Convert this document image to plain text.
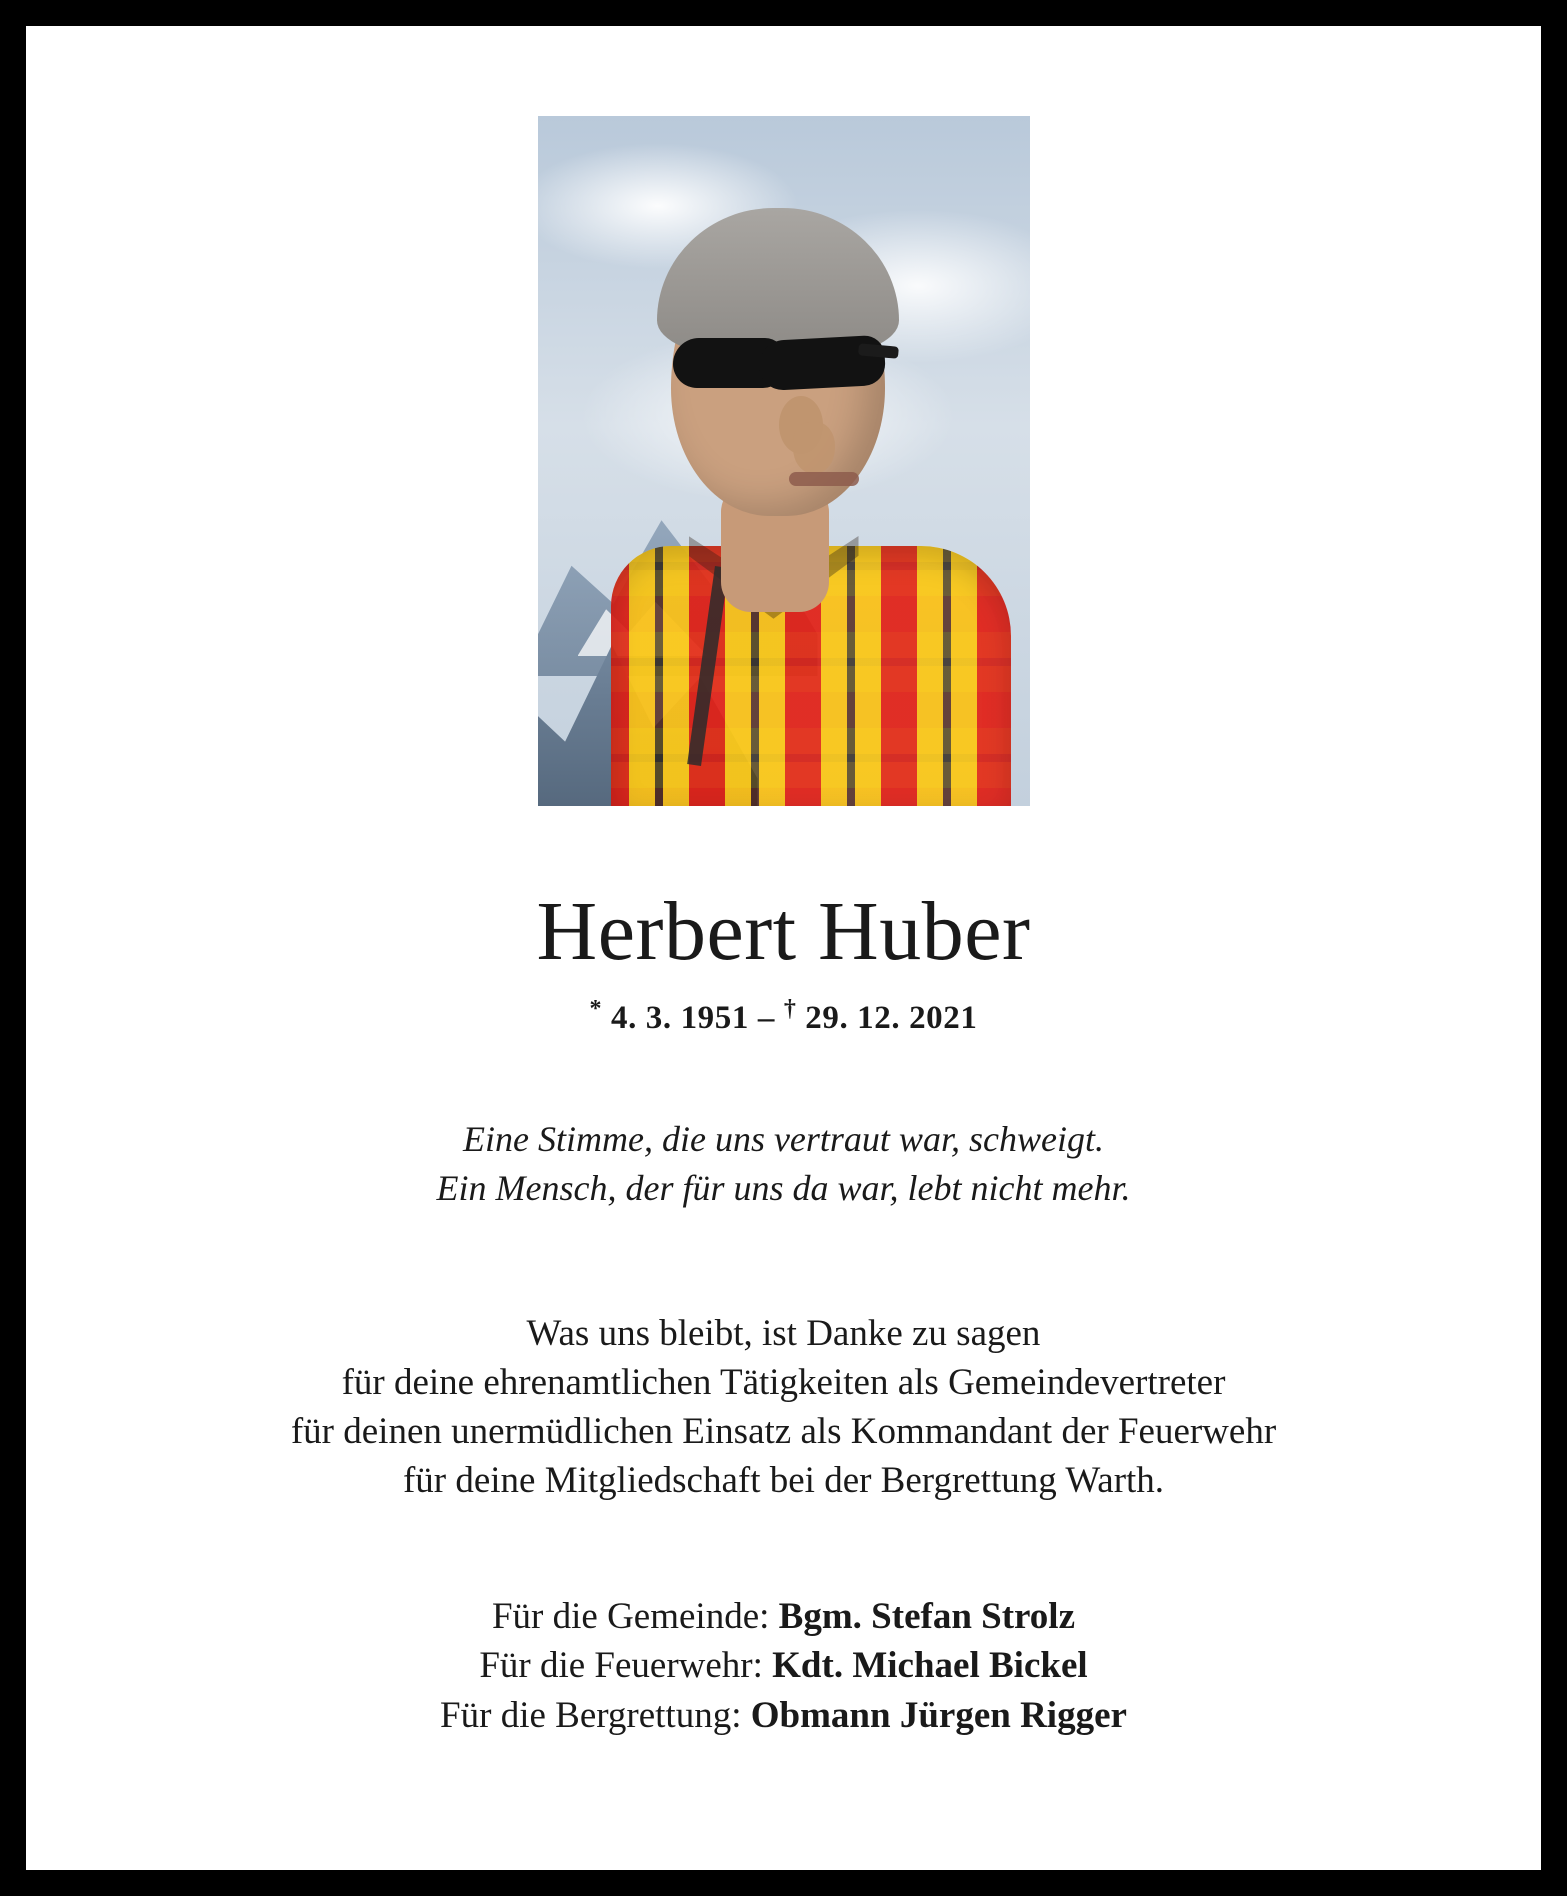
Herbert Huber
* 4. 3. 1951 – † 29. 12. 2021
Eine Stimme, die uns vertraut war, schweigt.
Ein Mensch, der für uns da war, lebt nicht mehr.
Was uns bleibt, ist Danke zu sagen
für deine ehrenamtlichen Tätigkeiten als Gemeindevertreter
für deinen unermüdlichen Einsatz als Kommandant der Feuerwehr
für deine Mitgliedschaft bei der Bergrettung Warth.
Für die Gemeinde: Bgm. Stefan Strolz
Für die Feuerwehr: Kdt. Michael Bickel
Für die Bergrettung: Obmann Jürgen Rigger
